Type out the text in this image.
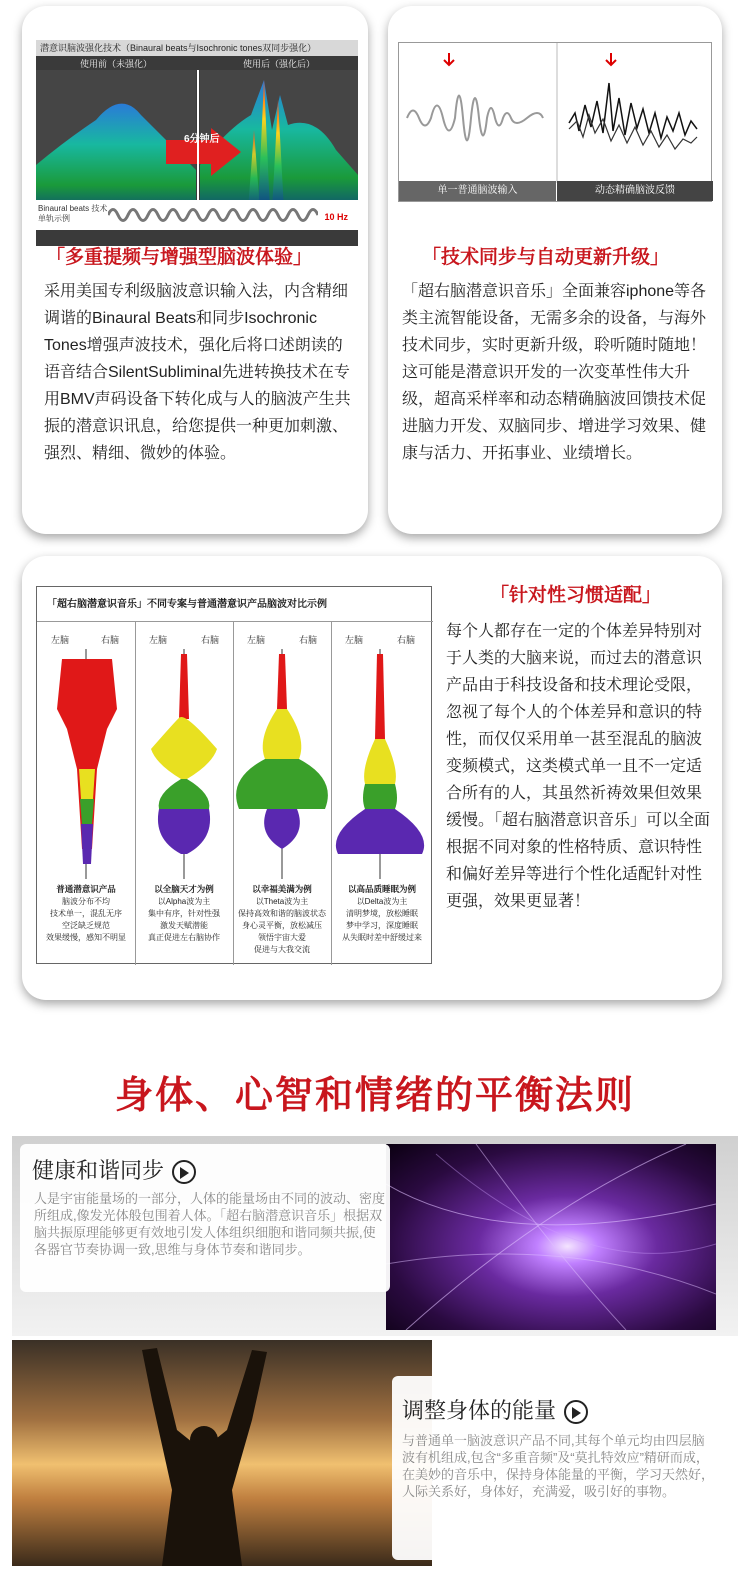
潜意识脑波强化技术（Binaural beats与Isochronic tones双同步强化）
使用前（未强化）	使用后（强化后）
6分钟后
Binaural beats 技术单轨示例	10 Hz
「多重提频与增强型脑波体验」
采用美国专利级脑波意识输入法，内含精细调谐的Binaural Beats和同步Isochronic Tones增强声波技术，强化后将口述朗读的语音结合SilentSubliminal先进转换技术在专用BMV声码设备下转化成与人的脑波产生共振的潜意识讯息，给您提供一种更加刺激、强烈、精细、微妙的体验。
单一普通脑波输入	动态精确脑波反馈
「技术同步与自动更新升级」
「超右脑潜意识音乐」全面兼容iphone等各类主流智能设备，无需多余的设备，与海外技术同步，实时更新升级，聆听随时随地！这可能是潜意识开发的一次变革性伟大升级，超高采样率和动态精确脑波回馈技术促进脑力开发、双脑同步、增进学习效果、健康与活力、开拓事业、业绩增长。
「超右脑潜意识音乐」不同专案与普通潜意识产品脑波对比示例
左脑	右脑	左脑	右脑	左脑	右脑	左脑	右脑
普通潜意识产品
脑波分布不均
技术单一，混乱无序
空泛缺乏规范
效果缓慢，感知不明显
以全脑天才为例
以Alpha波为主
集中有序，针对性强
激发天赋潜能
真正促进左右脑协作
以幸福美满为例
以Theta波为主
保持高效和谐的脑波状态
身心灵平衡，放松减压
领悟宇宙大爱
促进与大我交流
以高品质睡眠为例
以Delta波为主
清明梦境，放松睡眠
梦中学习，深度睡眠
从失眠时差中舒缓过来
「针对性习惯适配」
每个人都存在一定的个体差异特别对于人类的大脑来说，而过去的潜意识产品由于科技设备和技术理论受限，忽视了每个人的个体差异和意识的特性，而仅仅采用单一甚至混乱的脑波变频模式，这类模式单一且不一定适合所有的人，其虽然祈祷效果但效果缓慢。「超右脑潜意识音乐」可以全面根据不同对象的性格特质、意识特性和偏好差异等进行个性化适配针对性更强，效果更显著！
身体、心智和情绪的平衡法则
健康和谐同步
人是宇宙能量场的一部分，人体的能量场由不同的波动、密度所组成,像发光体般包围着人体。「超右脑潜意识音乐」根据双脑共振原理能够更有效地引发人体组织细胞和谐同频共振,使各器官节奏协调一致,思维与身体节奏和谐同步。
调整身体的能量
与普通单一脑波意识产品不同,其每个单元均由四层脑波有机组成,包含“多重音频”及“莫扎特效应”精研而成，在美妙的音乐中，保持身体能量的平衡，学习天然好，人际关系好，身体好，充满爱，吸引好的事物。
